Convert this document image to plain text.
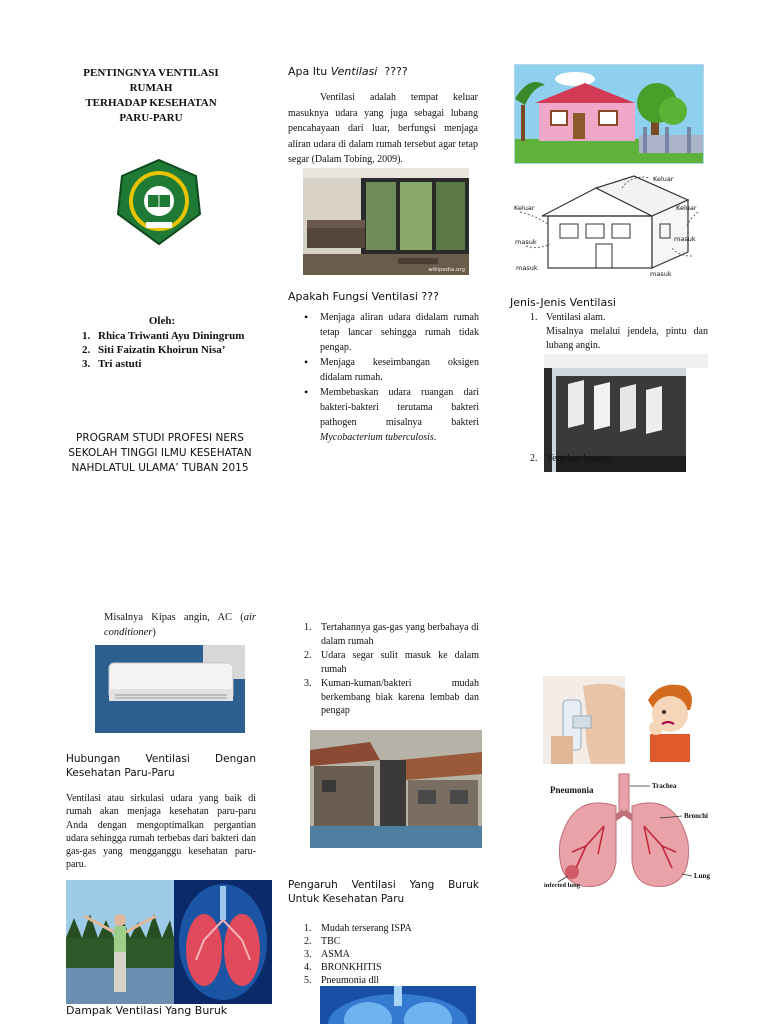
PENTINGNYA VENTILASI RUMAH
TERHADAP KESEHATAN
PARU-PARU
Oleh:
1. Rhica Triwanti Ayu Diningrum
2. Siti Faizatin Khoirun Nisa’
3. Tri astuti
PROGRAM STUDI PROFESI NERS
SEKOLAH TINGGI ILMU KESEHATAN
NAHDLATUL ULAMA’ TUBAN 2015
Apa Itu Ventilasi  ????
Ventilasi adalah tempat keluar masuknya udara yang juga sebagai lubang pencahayaan dari luar, berfungsi menjaga aliran udara di dalam rumah tersebut agar tetap segar (Dalam Tobing, 2009).
wikipedia.org
Apakah Fungsi Ventilasi ???
• Menjaga aliran udara didalam rumah tetap lancar sehingga rumah tidak pengap.
• Menjaga keseimbangan oksigen didalam rumah.
• Membebaskan udara ruangan dari bakteri-bakteri terutama bakteri pathogen misalnya bakteri Mycobacterium tuberculosis.
Keluar
Keluar	Keluar
masuk	masuk
masuk
masuk
Jenis-Jenis Ventilasi
1. Ventilasi alam.
Misalnya melalui jendela, pintu dan lubang angin.
2. Ventilasi buatan.
Misalnya Kipas angin, AC (air conditioner)
Hubungan Ventilasi Dengan Kesehatan Paru-Paru
Ventilasi atau sirkulasi udara yang baik di rumah akan menjaga kesehatan paru-paru Anda dengan mengoptimalkan pergantian udara sehingga rumah terbebas dari bakteri dan gas-gas yang mengganggu kesehatan paru-paru.
Dampak Ventilasi Yang Buruk
1. Tertahannya gas-gas yang berbahaya di dalam rumah
2. Udara segar sulit masuk ke dalam rumah
3. Kuman-kuman/bakteri mudah berkembang biak karena lembab dan pengap
Pengaruh Ventilasi Yang Buruk Untuk Kesehatan Paru
1. Mudah terserang ISPA
2. TBC
3. ASMA
4. BRONKHITIS
5. Pneumonia dll
Pneumonia	Trachea
Bronchi
Lung
infected lung
